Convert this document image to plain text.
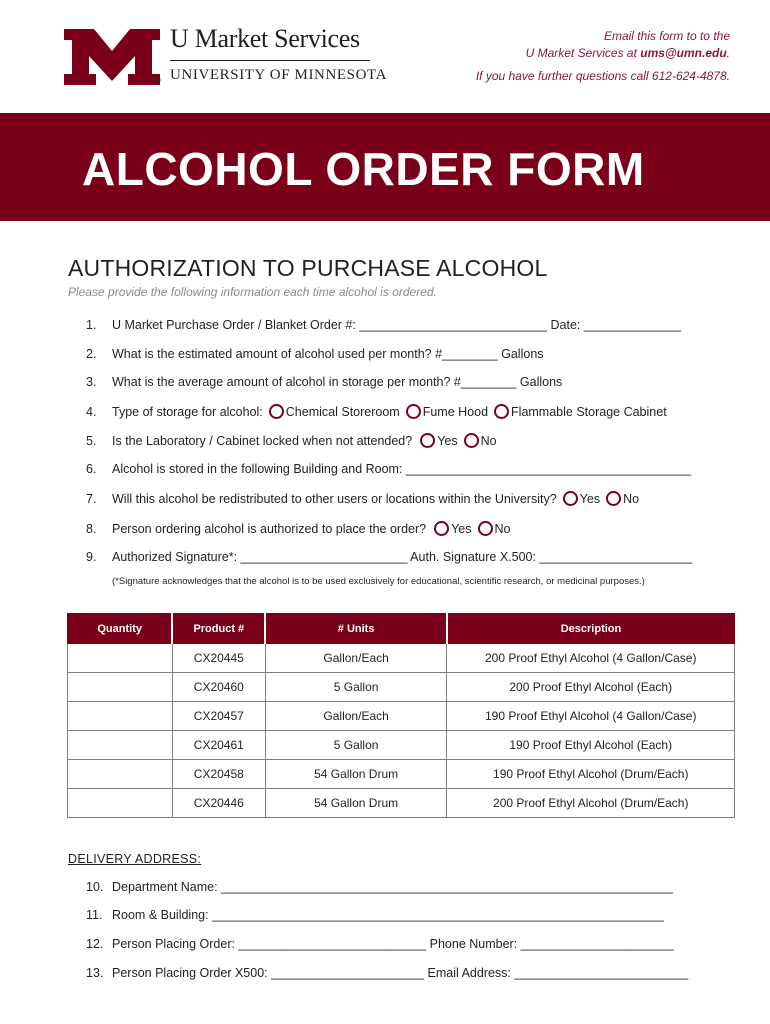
®
U Market Services
UNIVERSITY OF MINNESOTA

Email this form to to the

U Market Services at ums@umn.edu.

If you have further questions call 612-624-4878.

ALCOHOL ORDER FORM
AUTHORIZATION TO PURCHASE ALCOHOL
Please provide the following information each time alcohol is ordered.
1.	U Market Purchase Order / Blanket Order #: ___________________________ Date: ______________
2.	What is the estimated amount of alcohol used per month? #________ Gallons
3.	What is the average amount of alcohol in storage per month? #________ Gallons
4.	Type of storage for alcohol: Chemical Storeroom Fume Hood Flammable Storage Cabinet
5.	Is the Laboratory / Cabinet locked when not attended? Yes No
6.	Alcohol is stored in the following Building and Room: _________________________________________
7.	Will this alcohol be redistributed to other users or locations within the University? Yes No
8.	Person ordering alcohol is authorized to place the order? Yes No
9.	Authorized Signature*: ________________________ Auth. Signature X.500: ______________________
(*Signature acknowledges that the alcohol is to be used exclusively for educational, scientific research, or medicinal purposes.)
Quantity	Product #	# Units	Description
	CX20445	Gallon/Each	200 Proof Ethyl Alcohol (4 Gallon/Case)
	CX20460	5 Gallon	200 Proof Ethyl Alcohol (Each)
	CX20457	Gallon/Each	190 Proof Ethyl Alcohol (4 Gallon/Case)
	CX20461	5 Gallon	190 Proof Ethyl Alcohol (Each)
	CX20458	54 Gallon Drum	190 Proof Ethyl Alcohol (Drum/Each)
	CX20446	54 Gallon Drum	200 Proof Ethyl Alcohol (Drum/Each)
DELIVERY ADDRESS:
10. Department Name: _________________________________________________________________
11. Room & Building: _________________________________________________________________
12. Person Placing Order: ___________________________ Phone Number: ______________________
13. Person Placing Order X500: ______________________ Email Address: _________________________
